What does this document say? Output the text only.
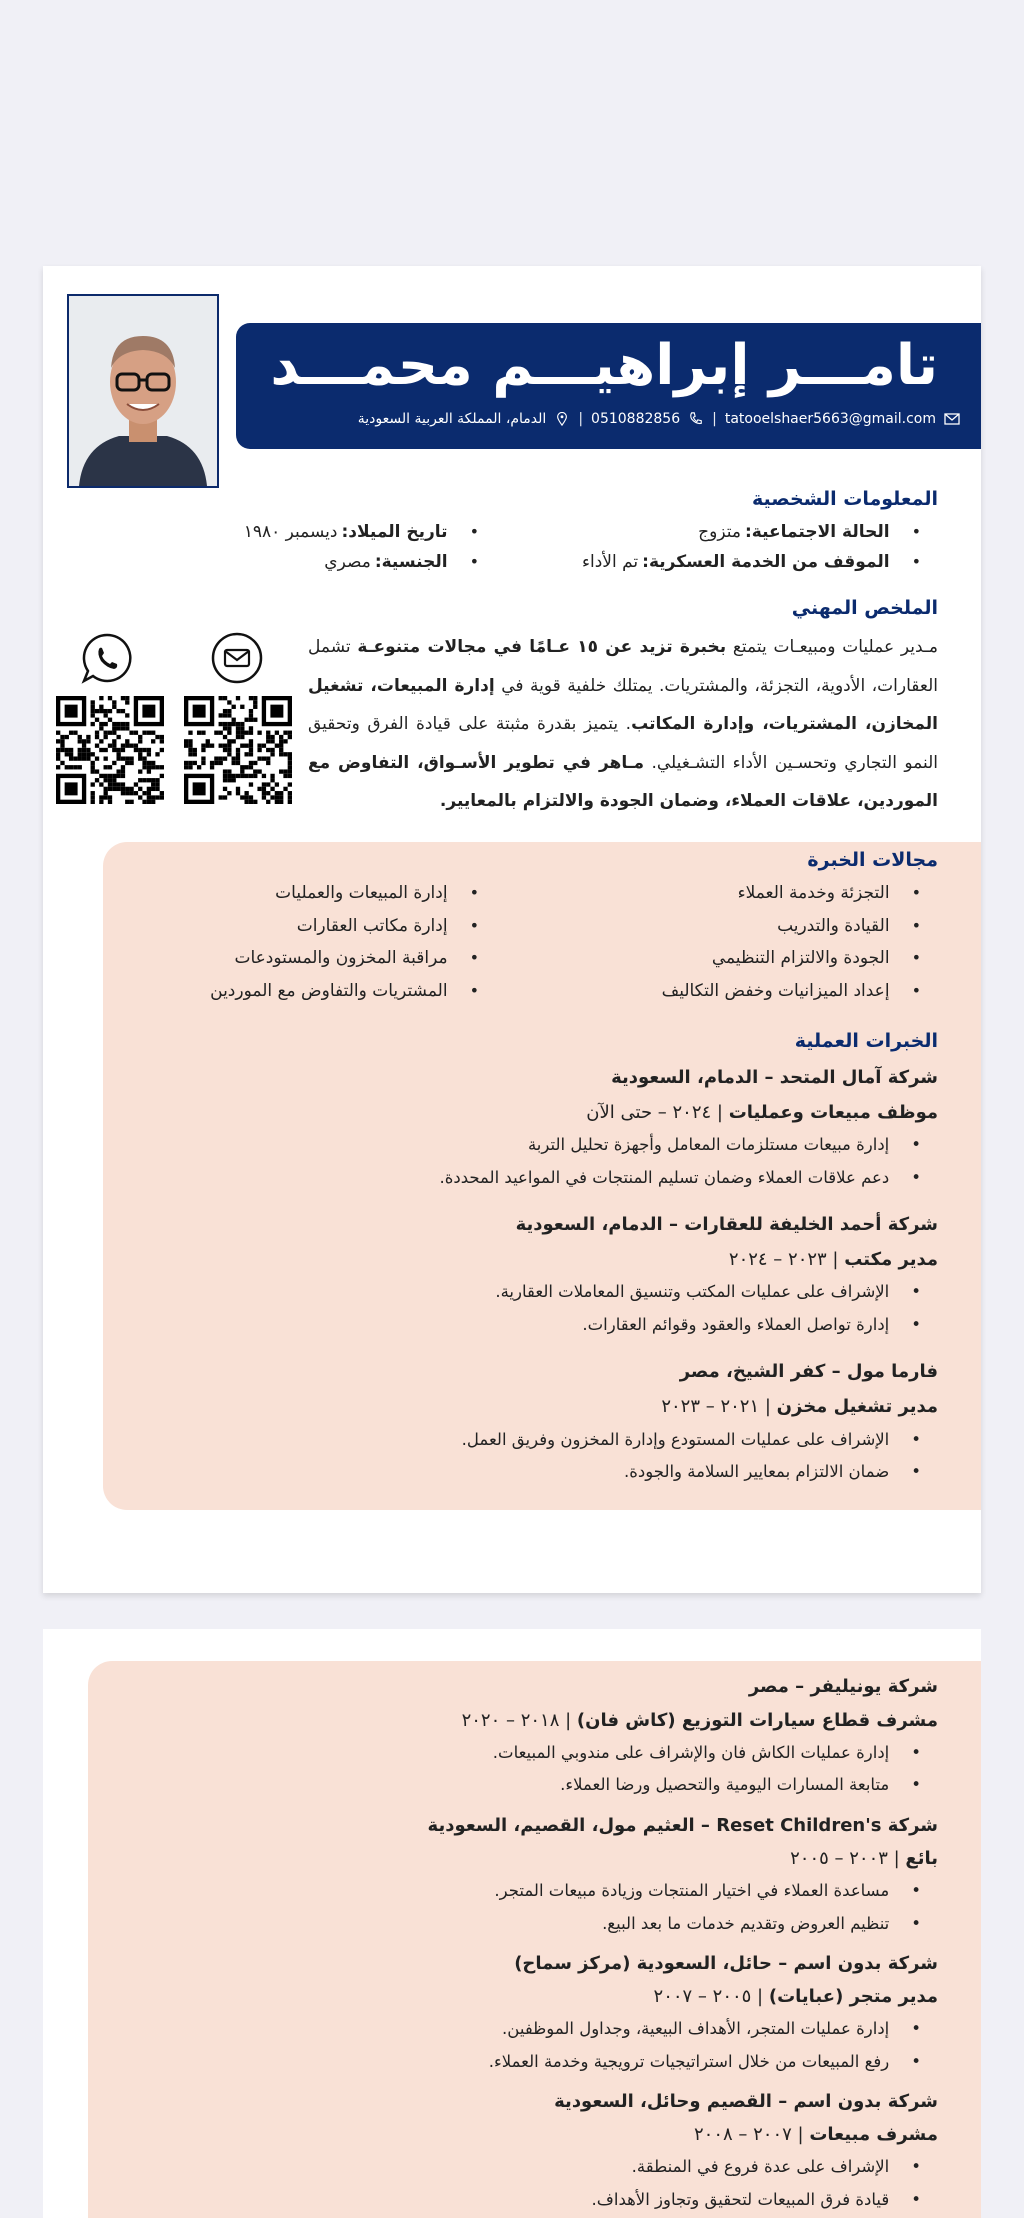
تامـــر إبراهيـــم محمـــد
tatooelshaer5663@gmail.com
|
0510882856
|
الدمام، المملكة العربية السعودية
المعلومات الشخصية
• الحالة الاجتماعية:
متزوج
• تاريخ الميلاد:
ديسمبر ١٩٨٠
• الموقف من الخدمة العسكرية:
تم الأداء
• الجنسية:
مصري
الملخص المهني
مـدير عمليات ومبيعـات يتمتع بخبرة تزيد عن ١٥ عـامًا في مجالات متنوعـة تشمل العقارات، الأدوية، التجزئة، والمشتريات. يمتلك خلفية قوية في إدارة المبيعات، تشغيل المخازن، المشتريات، وإدارة المكاتب. يتميز بقدرة مثبتة على قيادة الفرق وتحقيق النمو التجاري وتحسـين الأداء التشـغيلي. مـاهر في تطوير الأسـواق، التفاوض مع الموردين، علاقات العملاء، وضمان الجودة والالتزام بالمعايير.
مجالات الخبرة
• التجزئة وخدمة العملاء
• القيادة والتدريب
• الجودة والالتزام التنظيمي
• إعداد الميزانيات وخفض التكاليف
• إدارة المبيعات والعمليات
• إدارة مكاتب العقارات
• مراقبة المخزون والمستودعات
• المشتريات والتفاوض مع الموردين
الخبرات العملية
شركة آمال المتحد – الدمام، السعودية
موظف مبيعات وعمليات | ٢٠٢٤ – حتى الآن
• إدارة مبيعات مستلزمات المعامل وأجهزة تحليل التربة
• دعم علاقات العملاء وضمان تسليم المنتجات في المواعيد المحددة.
شركة أحمد الخليفة للعقارات – الدمام، السعودية
مدير مكتب | ٢٠٢٣ – ٢٠٢٤
• الإشراف على عمليات المكتب وتنسيق المعاملات العقارية.
• إدارة تواصل العملاء والعقود وقوائم العقارات.
فارما مول – كفر الشيخ، مصر
مدير تشغيل مخزن | ٢٠٢١ – ٢٠٢٣
• الإشراف على عمليات المستودع وإدارة المخزون وفريق العمل.
• ضمان الالتزام بمعايير السلامة والجودة.
شركة يونيليفر – مصر
مشرف قطاع سيارات التوزيع (كاش فان) | ٢٠١٨ – ٢٠٢٠
• إدارة عمليات الكاش فان والإشراف على مندوبي المبيعات.
• متابعة المسارات اليومية والتحصيل ورضا العملاء.
شركة Reset Children's – العثيم مول، القصيم، السعودية
بائع | ٢٠٠٣ – ٢٠٠٥
• مساعدة العملاء في اختيار المنتجات وزيادة مبيعات المتجر.
• تنظيم العروض وتقديم خدمات ما بعد البيع.
شركة بدون اسم – حائل، السعودية (مركز سماح)
مدير متجر (عبايات) | ٢٠٠٥ – ٢٠٠٧
• إدارة عمليات المتجر، الأهداف البيعية، وجداول الموظفين.
• رفع المبيعات من خلال استراتيجيات ترويجية وخدمة العملاء.
شركة بدون اسم – القصيم وحائل، السعودية
مشرف مبيعات | ٢٠٠٧ – ٢٠٠٨
• الإشراف على عدة فروع في المنطقة.
• قيادة فرق المبيعات لتحقيق وتجاوز الأهداف.
